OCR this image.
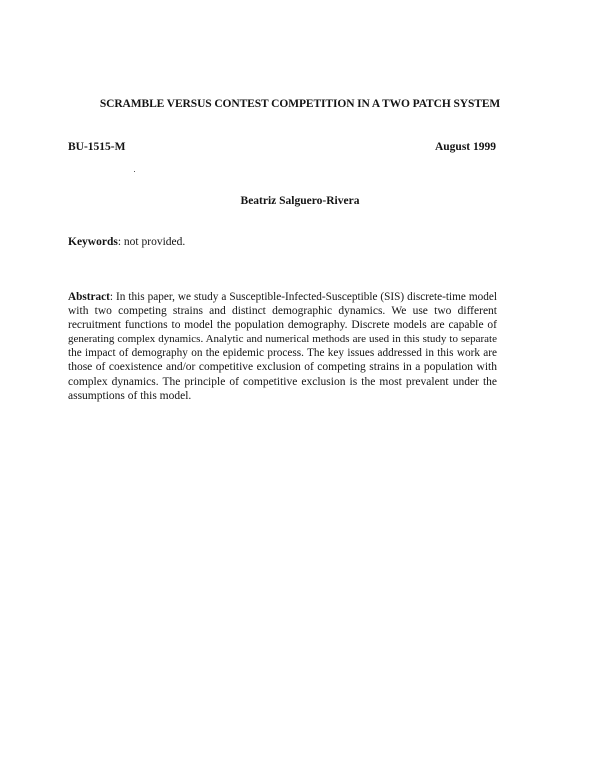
SCRAMBLE VERSUS CONTEST COMPETITION IN A TWO PATCH SYSTEM
BU-1515-M	August 1999
Beatriz Salguero-Rivera
Keywords: not provided.
Abstract: In this paper, we study a Susceptible-Infected-Susceptible (SIS) discrete-time model
with two competing strains and distinct demographic dynamics. We use two different
recruitment functions to model the population demography. Discrete models are capable of
generating complex dynamics. Analytic and numerical methods are used in this study to separate
the impact of demography on the epidemic process. The key issues addressed in this work are
those of coexistence and/or competitive exclusion of competing strains in a population with
complex dynamics. The principle of competitive exclusion is the most prevalent under the
assumptions of this model.
